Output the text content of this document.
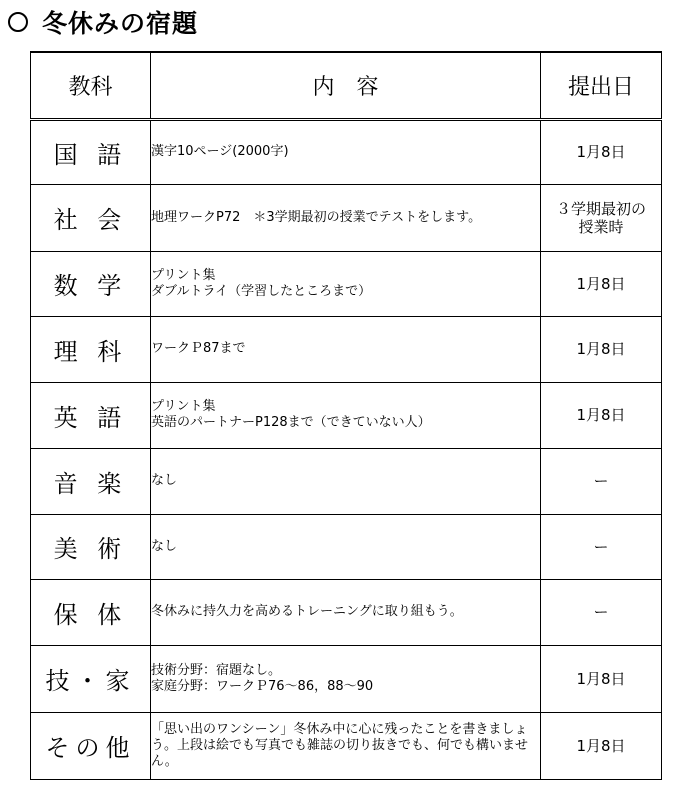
冬休みの宿題
教科	内　容	提出日
国 語	漢字10ページ(2000字)	1月8日

社 会	地理ワークP72　＊3学期最初の授業でテストをします。	３学期最初の
授業時

数 学	プリント集
ダブルトライ（学習したところまで）	1月8日

理 科	ワークＰ87まで	1月8日

英 語	プリント集
英語のパートナーP128まで（できていない人）	1月8日

音 楽	なし	ー

美 術	なし	ー

保 体	冬休みに持久力を高めるトレーニングに取り組もう。	ー

技・家	技術分野：宿題なし。
家庭分野：ワークＰ76～86，88～90	1月8日

その他	「思い出のワンシーン」冬休み中に心に残ったことを書きましょう。上段は絵でも写真でも雑誌の切り抜きでも、何でも構いません。	1月8日
